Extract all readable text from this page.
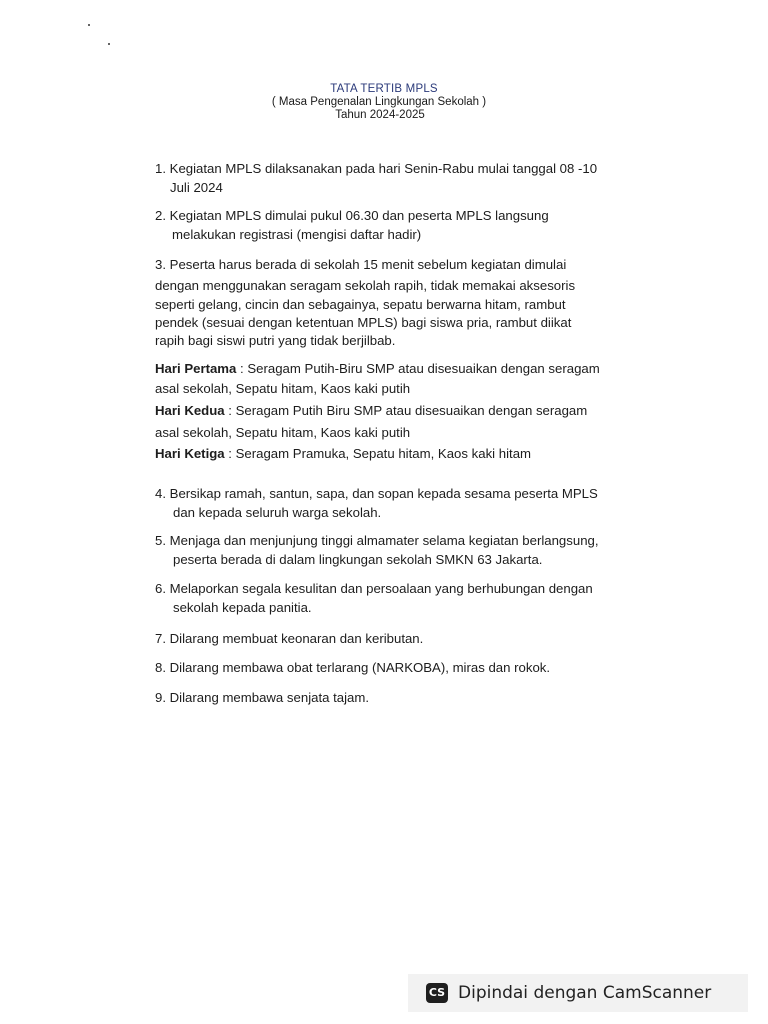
TATA TERTIB MPLS
( Masa Pengenalan Lingkungan Sekolah )
Tahun 2024-2025
1. Kegiatan MPLS dilaksanakan pada hari Senin-Rabu mulai tanggal 08 -10
Juli 2024
2. Kegiatan MPLS dimulai pukul 06.30 dan peserta MPLS langsung
melakukan registrasi (mengisi daftar hadir)
3. Peserta harus berada di sekolah 15 menit sebelum kegiatan dimulai
dengan menggunakan seragam sekolah rapih, tidak memakai aksesoris
seperti gelang, cincin dan sebagainya, sepatu berwarna hitam, rambut
pendek (sesuai dengan ketentuan MPLS) bagi siswa pria, rambut diikat
rapih bagi siswi putri yang tidak berjilbab.
Hari Pertama : Seragam Putih-Biru SMP atau disesuaikan dengan seragam
asal sekolah, Sepatu hitam, Kaos kaki putih
Hari Kedua : Seragam Putih Biru SMP atau disesuaikan dengan seragam
asal sekolah, Sepatu hitam, Kaos kaki putih
Hari Ketiga : Seragam Pramuka, Sepatu hitam, Kaos kaki hitam
4. Bersikap ramah, santun, sapa, dan sopan kepada sesama peserta MPLS
dan kepada seluruh warga sekolah.
5. Menjaga dan menjunjung tinggi almamater selama kegiatan berlangsung,
peserta berada di dalam lingkungan sekolah SMKN 63 Jakarta.
6. Melaporkan segala kesulitan dan persoalaan yang berhubungan dengan
sekolah kepada panitia.
7. Dilarang membuat keonaran dan keributan.
8. Dilarang membawa obat terlarang (NARKOBA), miras dan rokok.
9. Dilarang membawa senjata tajam.
CS Dipindai dengan CamScanner
